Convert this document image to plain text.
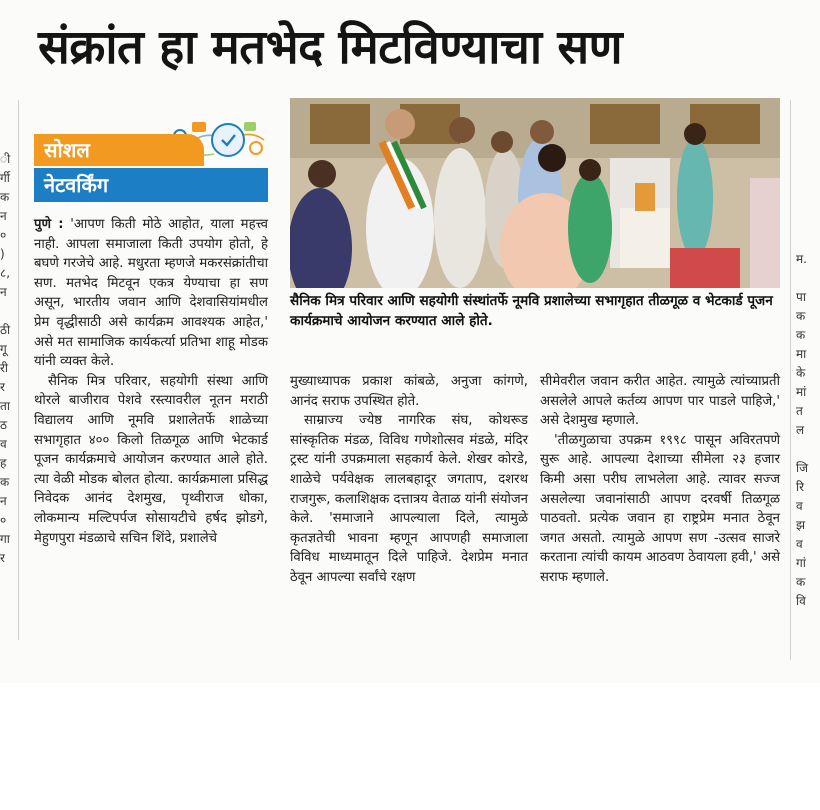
ी
र्गी
क
न
०
)
८,
न

ठी
गू
री
र
ता
ठ
व
ह
क
न
०
गा
र
संक्रांत हा मतभेद मिटविण्याचा सण
सोशल
नेटवर्किंग

पुणे : 'आपण किती मोठे आहोत, याला महत्त्व नाही. आपला समाजाला किती उपयोग होतो, हे बघणे गरजेचे आहे. मधुरता म्हणजे मकरसंक्रांतीचा सण. मतभेद मिटवून एकत्र येण्याचा हा सण असून, भारतीय जवान आणि देशवासियांमधील प्रेम वृद्धीसाठी असे कार्यक्रम आवश्यक आहेत,' असे मत सामाजिक कार्यकर्त्या प्रतिभा शाहू मोडक यांनी व्यक्त केले.

सैनिक मित्र परिवार, सहयोगी संस्था आणि थोरले बाजीराव पेशवे रस्त्यावरील नूतन मराठी विद्यालय आणि नूमवि प्रशालेतर्फे शाळेच्या सभागृहात ४०० किलो तिळगूळ आणि भेटकार्ड पूजन कार्यक्रमाचे आयोजन करण्यात आले होते. त्या वेळी मोडक बोलत होत्या. कार्यक्रमाला प्रसिद्ध निवेदक आनंद देशमुख, पृथ्वीराज धोका, लोकमान्य मल्टिपर्पज सोसायटीचे हर्षद झोडगे, मेहुणपुरा मंडळाचे सचिन शिंदे, प्रशालेचे

सैनिक मित्र परिवार आणि सहयोगी संस्थांतर्फे नूमवि प्रशालेच्या सभागृहात तीळगूळ व भेटकार्ड पूजन कार्यक्रमाचे आयोजन करण्यात आले होते.

मुख्याध्यापक प्रकाश कांबळे, अनुजा कांगणे, आनंद सराफ उपस्थित होते.

साम्राज्य ज्येष्ठ नागरिक संघ, कोथरूड सांस्कृतिक मंडळ, विविध गणेशोत्सव मंडळे, मंदिर ट्रस्ट यांनी उपक्रमाला सहकार्य केले. शेखर कोरडे, शाळेचे पर्यवेक्षक लालबहादूर जगताप, दशरथ राजगुरू, कलाशिक्षक दत्तात्रय वेताळ यांनी संयोजन केले. 'समाजाने आपल्याला दिले, त्यामुळे कृतज्ञतेची भावना म्हणून आपणही समाजाला विविध माध्यमातून दिले पाहिजे. देशप्रेम मनात ठेवून आपल्या सर्वांचे रक्षण

सीमेवरील जवान करीत आहेत. त्यामुळे त्यांच्याप्रती असलेले आपले कर्तव्य आपण पार पाडले पाहिजे,' असे देशमुख म्हणाले.

'तीळगुळाचा उपक्रम १९९८ पासून अविरतपणे सुरू आहे. आपल्या देशाच्या सीमेला २३ हजार किमी असा परीघ लाभलेला आहे. त्यावर सज्ज असलेल्या जवानांसाठी आपण दरवर्षी तिळगूळ पाठवतो. प्रत्येक जवान हा राष्ट्रप्रेम मनात ठेवून जगत असतो. त्यामुळे आपण सण -उत्सव साजरे करताना त्यांची कायम आठवण ठेवायला हवी,' असे सराफ म्हणाले.

म.

पा
क
क
मा
के
मां
त
ल

जि
रि
व
झ
व
गां
क
वि
